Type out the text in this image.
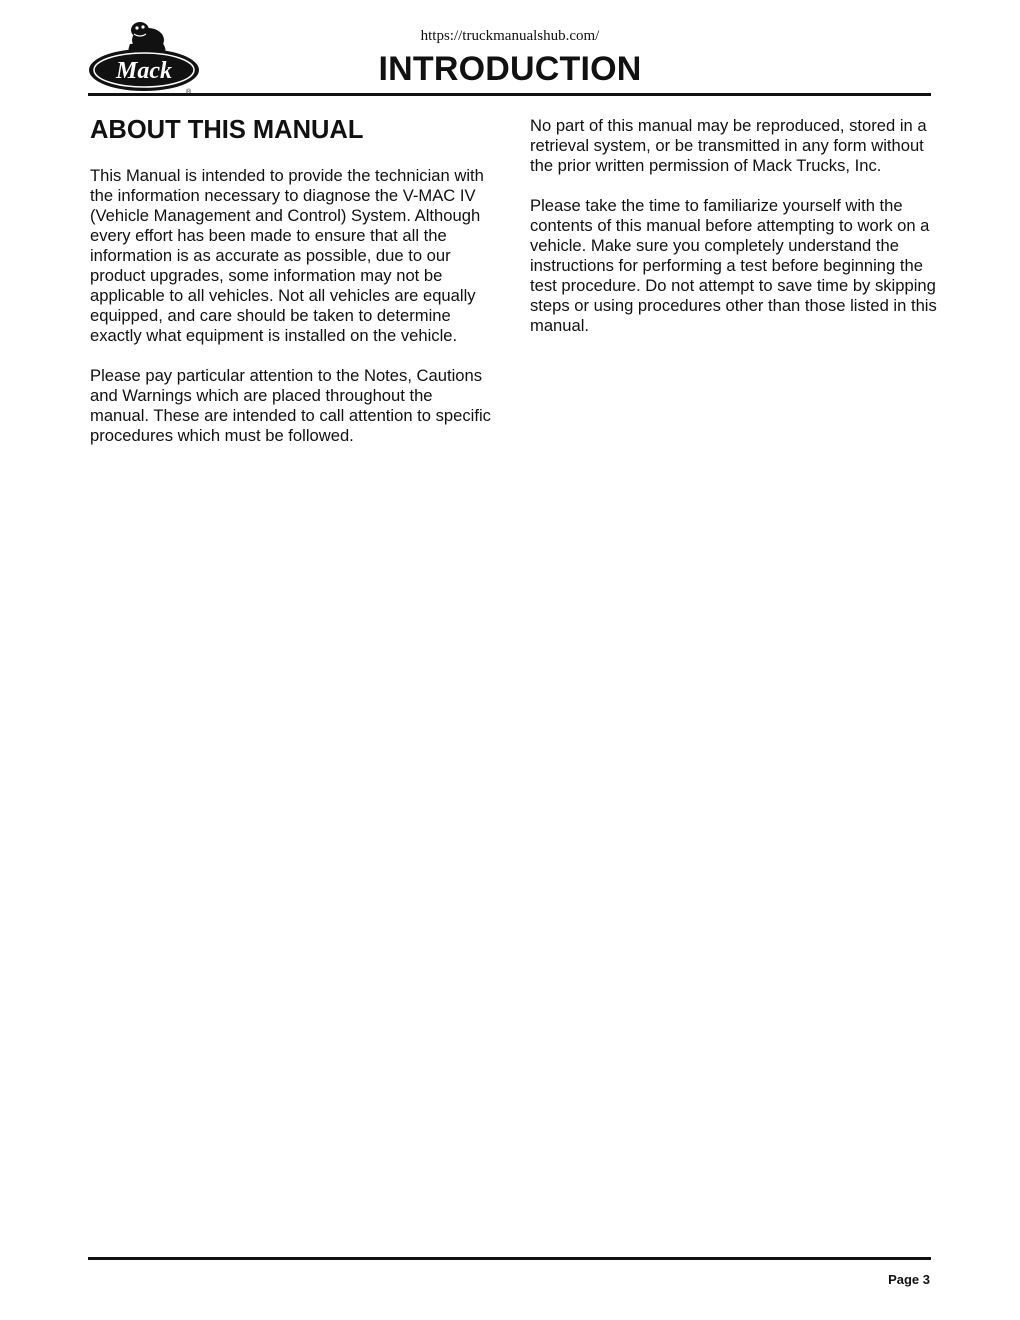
https://truckmanualshub.com/
Mack	INTRODUCTION
ABOUT THIS MANUAL

This Manual is intended to provide the technician with the information necessary to diagnose the V-MAC IV (Vehicle Management and Control) System. Although every effort has been made to ensure that all the information is as accurate as possible, due to our product upgrades, some information may not be applicable to all vehicles. Not all vehicles are equally equipped, and care should be taken to determine exactly what equipment is installed on the vehicle.

Please pay particular attention to the Notes, Cautions and Warnings which are placed throughout the manual. These are intended to call attention to specific procedures which must be followed.

No part of this manual may be reproduced, stored in a retrieval system, or be transmitted in any form without the prior written permission of Mack Trucks, Inc.

Please take the time to familiarize yourself with the contents of this manual before attempting to work on a vehicle. Make sure you completely understand the instructions for performing a test before beginning the test procedure. Do not attempt to save time by skipping steps or using procedures other than those listed in this manual.

Page 3
